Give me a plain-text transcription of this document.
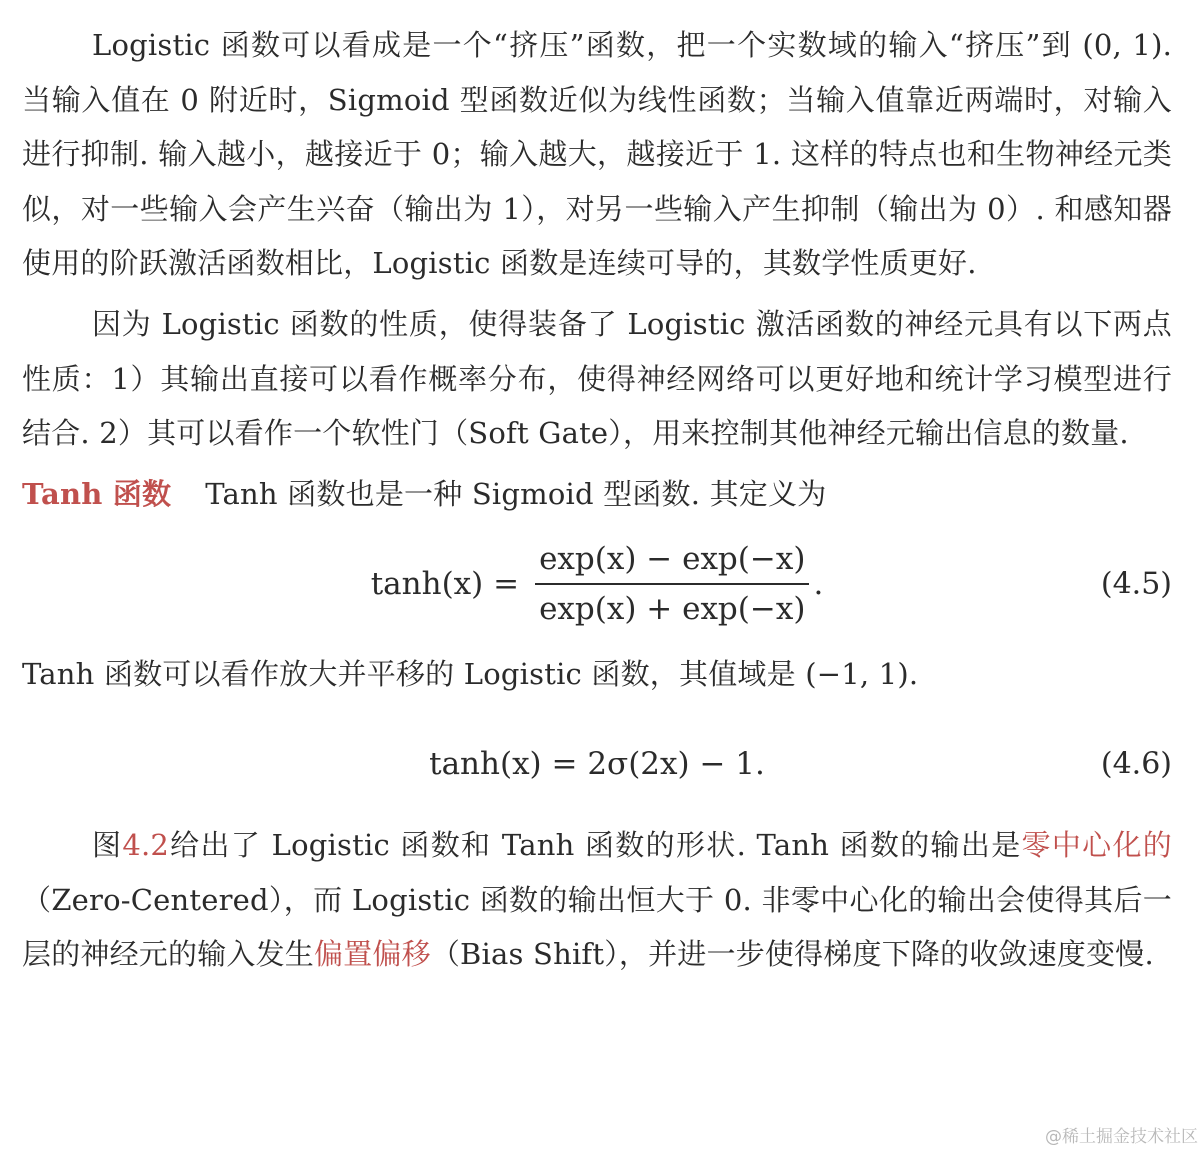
Logistic 函数可以看成是一个“挤压”函数，把一个实数域的输入“挤压”到 (0, 1). 当输入值在 0 附近时，Sigmoid 型函数近似为线性函数；当输入值靠近两端时，对输入进行抑制. 输入越小，越接近于 0；输入越大，越接近于 1. 这样的特点也和生物神经元类似，对一些输入会产生兴奋（输出为 1），对另一些输入产生抑制（输出为 0）. 和感知器使用的阶跃激活函数相比，Logistic 函数是连续可导的，其数学性质更好.

因为 Logistic 函数的性质，使得装备了 Logistic 激活函数的神经元具有以下两点性质：1）其输出直接可以看作概率分布，使得神经网络可以更好地和统计学习模型进行结合. 2）其可以看作一个软性门（Soft Gate），用来控制其他神经元输出信息的数量.

Tanh 函数 Tanh 函数也是一种 Sigmoid 型函数. 其定义为

$\tanh(x) = \frac{\exp(x) - \exp(-x)}{\exp(x) + \exp(-x)}$ .	(4.5)

Tanh 函数可以看作放大并平移的 Logistic 函数，其值域是 (−1, 1).

tanh(x) = 2σ(2x) − 1.	(4.6)

图4.2给出了 Logistic 函数和 Tanh 函数的形状. Tanh 函数的输出是零中心化的（Zero-Centered），而 Logistic 函数的输出恒大于 0. 非零中心化的输出会使得其后一层的神经元的输入发生偏置偏移（Bias Shift），并进一步使得梯度下降的收敛速度变慢.

@稀土掘金技术社区
